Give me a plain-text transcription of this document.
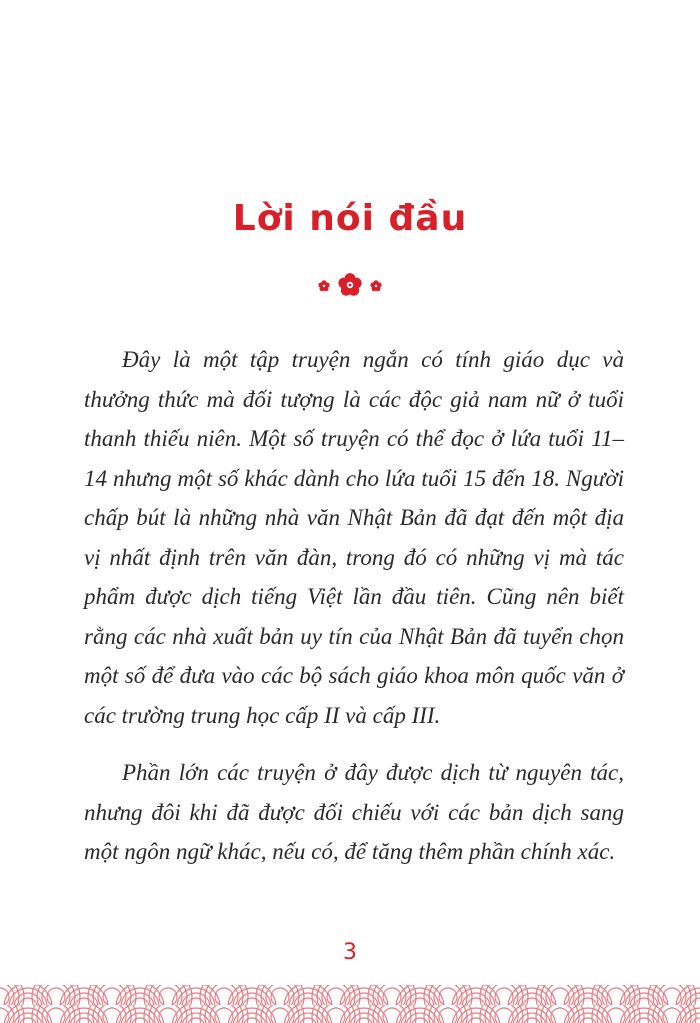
Lời nói đầu

Đây là một tập truyện ngắn có tính giáo dục và thưởng thức mà đối tượng là các độc giả nam nữ ở tuổi thanh thiếu niên. Một số truyện có thể đọc ở lứa tuổi 11–14 nhưng một số khác dành cho lứa tuổi 15 đến 18. Người chấp bút là những nhà văn Nhật Bản đã đạt đến một địa vị nhất định trên văn đàn, trong đó có những vị mà tác phẩm được dịch tiếng Việt lần đầu tiên. Cũng nên biết rằng các nhà xuất bản uy tín của Nhật Bản đã tuyển chọn một số để đưa vào các bộ sách giáo khoa môn quốc văn ở các trường trung học cấp II và cấp III.

Phần lớn các truyện ở đây được dịch từ nguyên tác, nhưng đôi khi đã được đối chiếu với các bản dịch sang một ngôn ngữ khác, nếu có, để tăng thêm phần chính xác.

3
